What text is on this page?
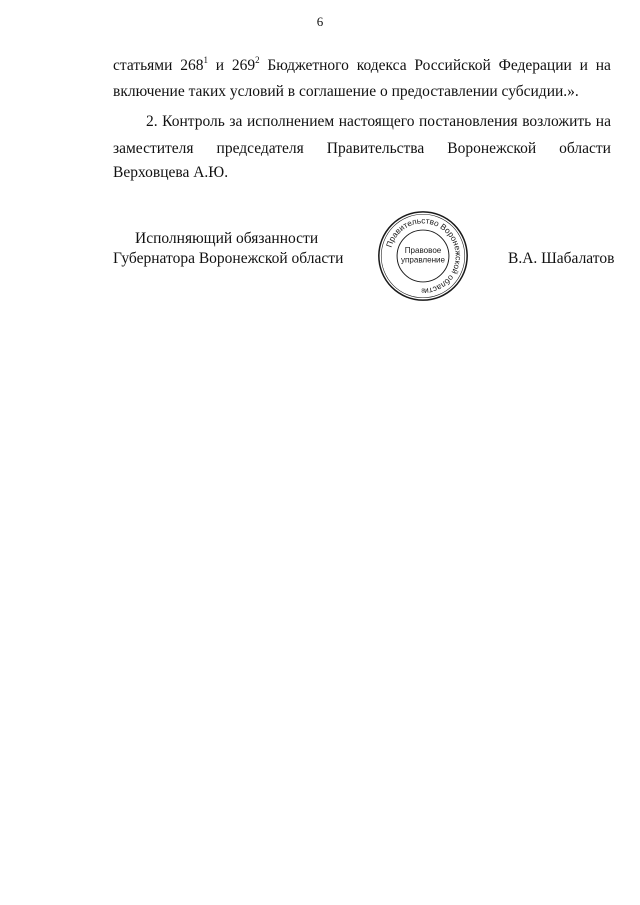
6
статьями $268^1$ и $269^2$ Бюджетного кодекса Российской Федерации и на
включение таких условий в соглашение о предоставлении субсидии.».
2. Контроль за исполнением настоящего постановления возложить на
заместителя председателя Правительства Воронежской области
Верховцева А.Ю.
Исполняющий обязанности
Губернатора Воронежской области
Правительство Воронежской области
Правовое
управление
8
В.А. Шабалатов
